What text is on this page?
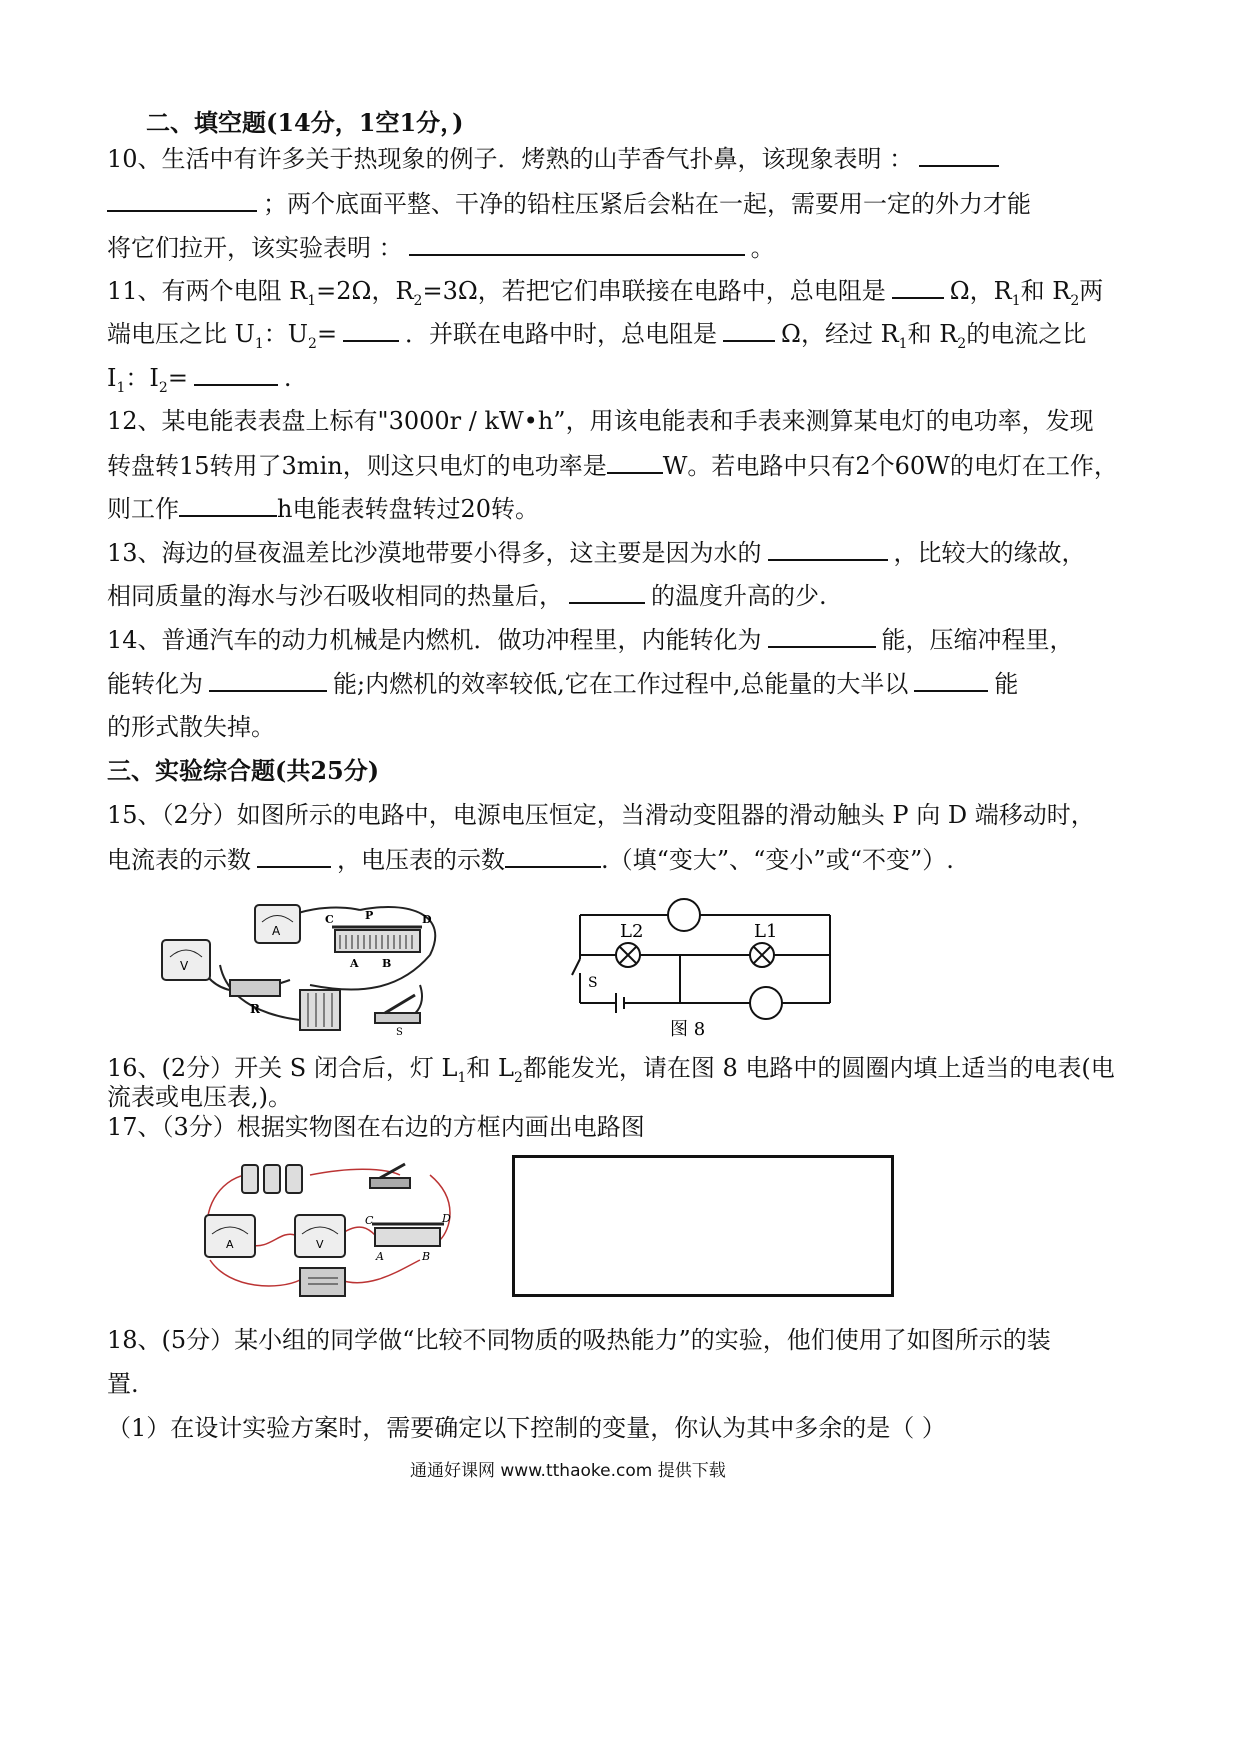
二、填空题(14分，1空1分，)
10、生活中有许多关于热现象的例子．烤熟的山芋香气扑鼻，该现象表明 ：
；两个底面平整、干净的铅柱压紧后会粘在一起，需要用一定的外力才能
将它们拉开，该实验表明 ：	。
11、有两个电阻 $R_1=2\Omega$，$R_2=3\Omega$，若把它们串联接在电路中，总电阻是	Ω，$R_1$和 $R_2$两
端电压之比 $U_1$：$U_2=$	．并联在电路中时，总电阻是	Ω，经过 $R_1$和 $R_2$的电流之比
$I_1$：$I_2=$	.
12、某电能表表盘上标有"3000r / kW•h”，用该电能表和手表来测算某电灯的电功率，发现
转盘转15转用了3min，则这只电灯的电功率是 W。若电路中只有2个60W的电灯在工作，
则工作	h电能表转盘转过20转。
13、海边的昼夜温差比沙漠地带要小得多，这主要是因为水的	，比较大的缘故，
相同质量的海水与沙石吸收相同的热量后，	的温度升高的少.
14、普通汽车的动力机械是内燃机．做功冲程里，内能转化为	能，压缩冲程里，
能转化为	能;内燃机的效率较低,它在工作过程中,总能量的大半以	能
的形式散失掉。
三、实验综合题(共25分)
15、（2分）如图所示的电路中，电源电压恒定，当滑动变阻器的滑动触头 P 向 D 端移动时，
电流表的示数	，电压表的示数	.（填“变大”、“变小”或“不变”）.
V
A
C	P	D
A B
R
S
L2	L1
S
图 8
16、(2分）开关 S 闭合后，灯 $L_1$和 $L_2$都能发光，请在图 8 电路中的圆圈内填上适当的电表(电
流表或电压表,)。
17、（3分）根据实物图在右边的方框内画出电路图
A	V
C	D
A	B
18、(5分）某小组的同学做“比较不同物质的吸热能力”的实验，他们使用了如图所示的装
置.
（1）在设计实验方案时，需要确定以下控制的变量，你认为其中多余的是（ ）
通通好课网 www.tthaoke.com 提供下载
